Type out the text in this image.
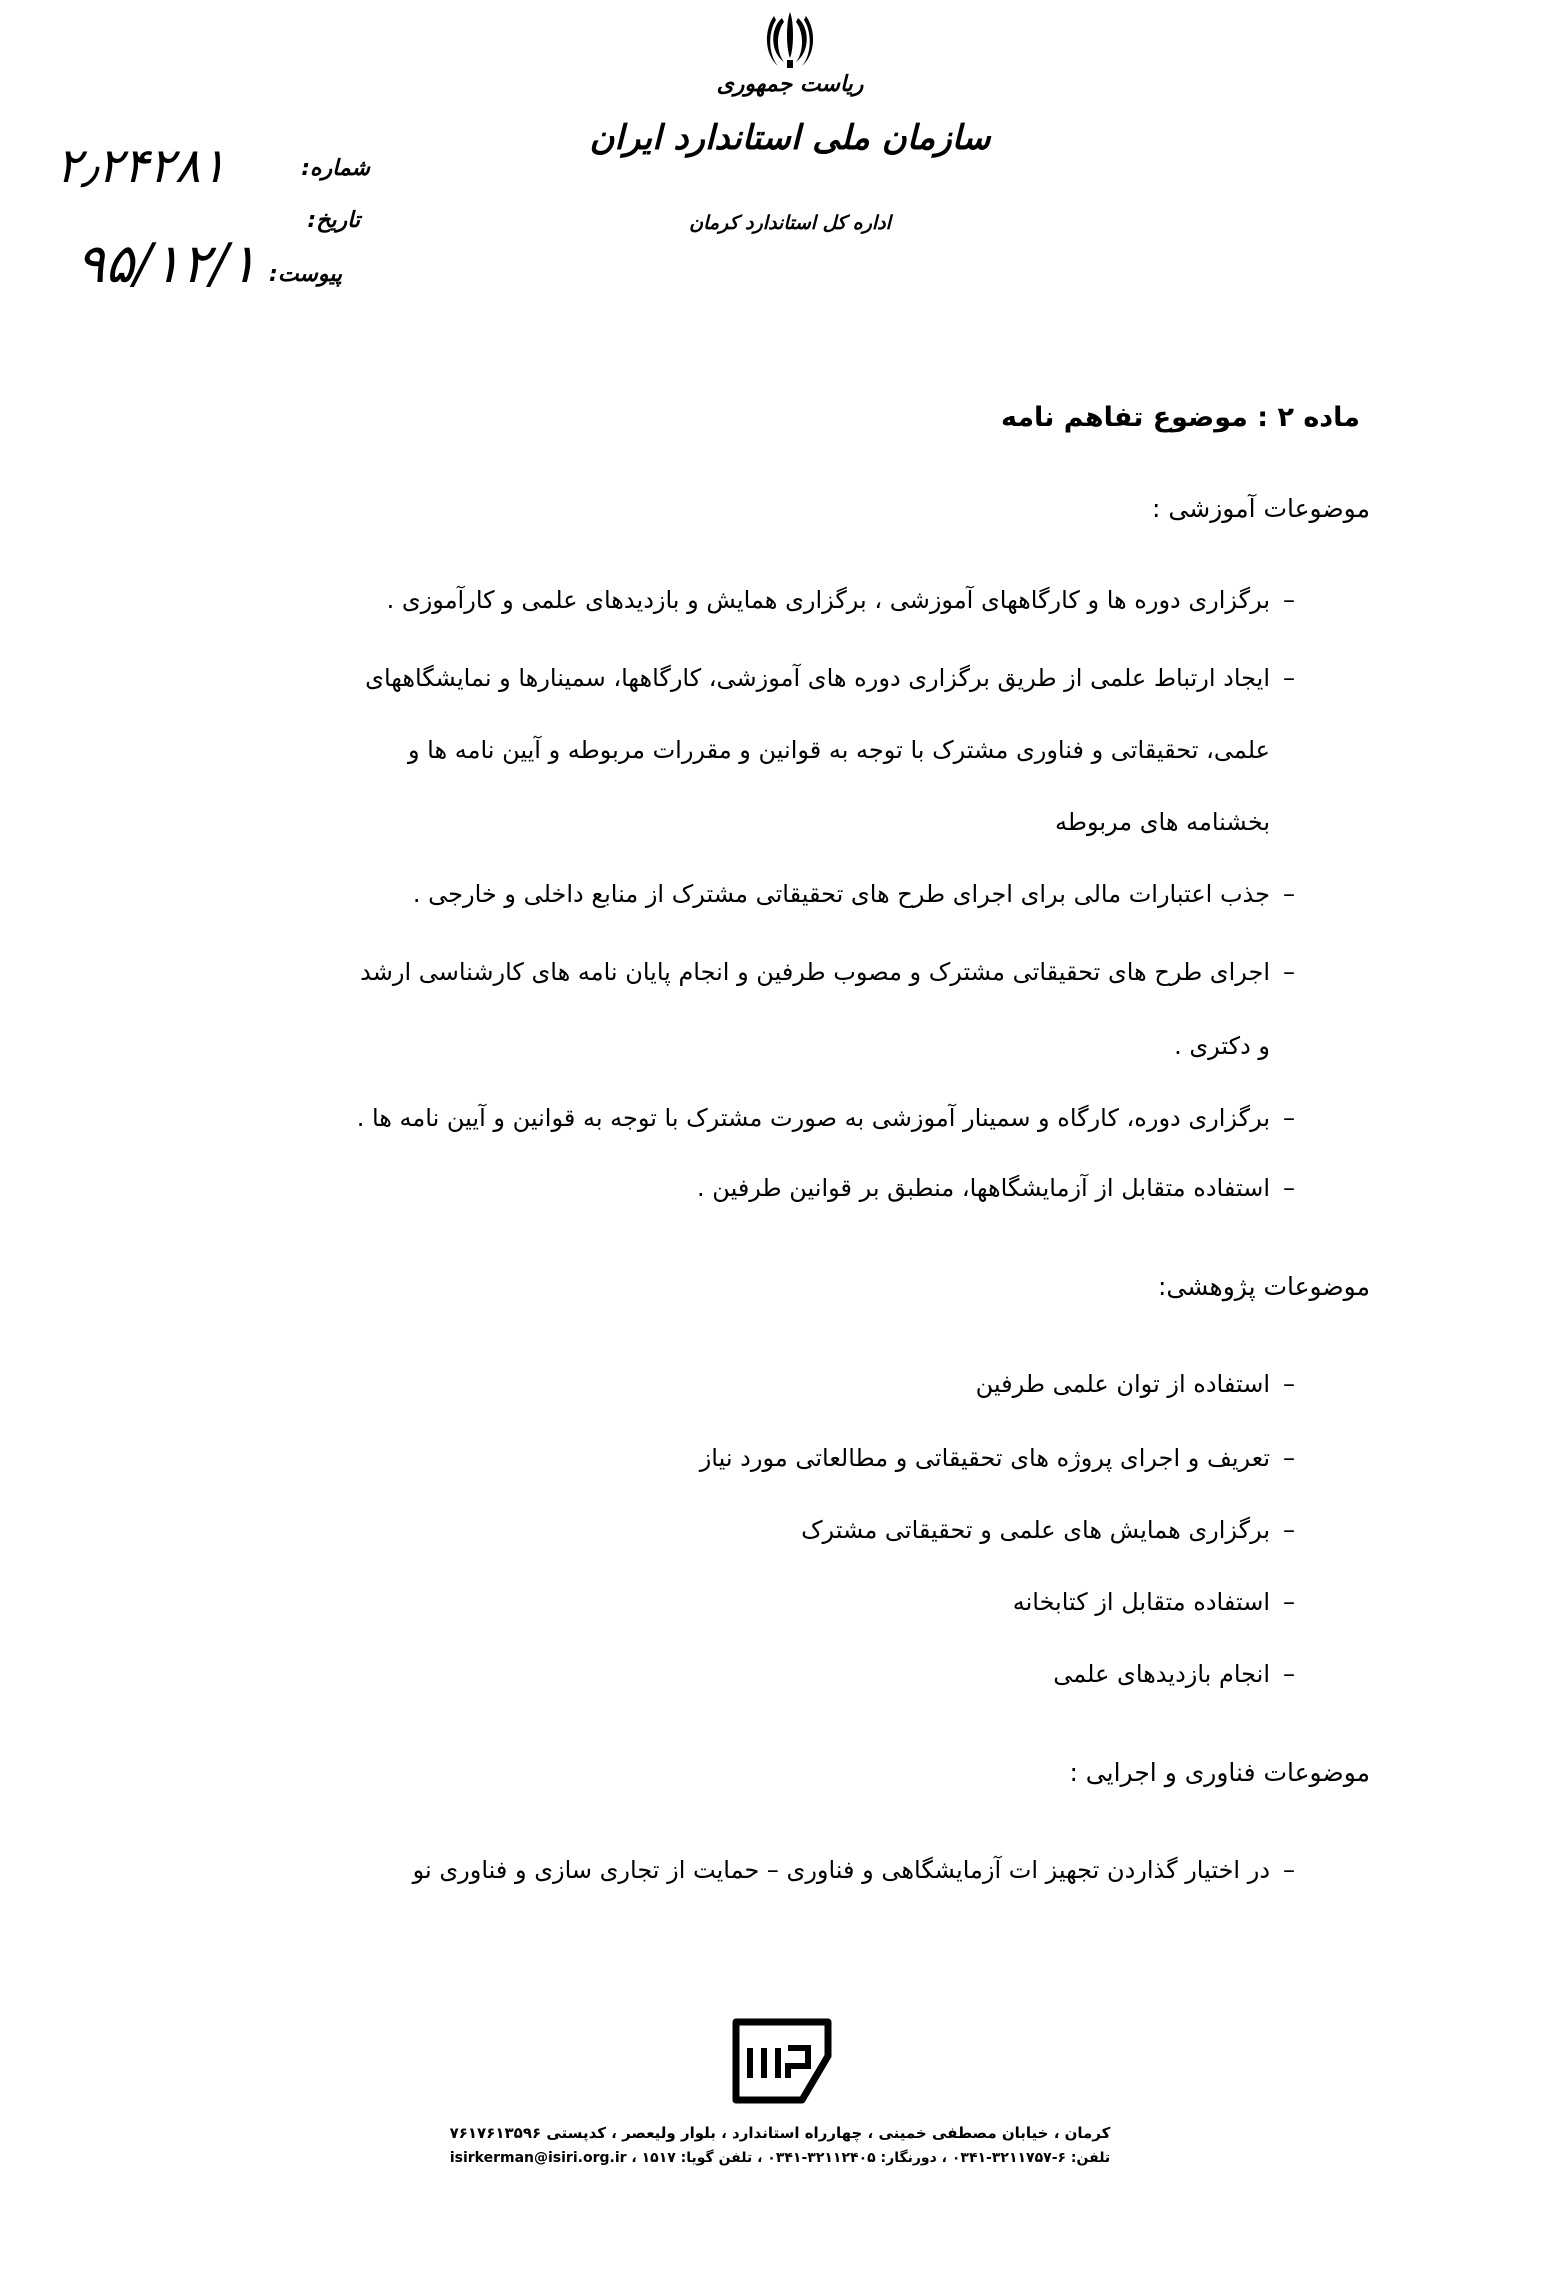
ریاست جمهوری
سازمان ملی استاندارد ایران
اداره کل استاندارد کرمان
شماره:
تاریخ:
پیوست:
۲٫۲۴۲۸۱
۹۵/۱۲/۱
ماده ۲ : موضوع تفاهم نامه
موضوعات آموزشی :
–
برگزاری دوره ها و کارگاههای آموزشی ، برگزاری همایش و بازدیدهای علمی و کارآموزی .
–
ایجاد ارتباط علمی از طریق برگزاری دوره های آموزشی، کارگاهها، سمینارها و نمایشگاههای
علمی، تحقیقاتی و فناوری مشترک با توجه به قوانین و مقررات مربوطه و آیین نامه ها و
بخشنامه های مربوطه
–
جذب اعتبارات مالی برای اجرای طرح های تحقیقاتی مشترک از منابع داخلی و خارجی .
–
اجرای طرح های تحقیقاتی مشترک و مصوب طرفین و انجام پایان نامه های کارشناسی ارشد
و دکتری .
–
برگزاری دوره، کارگاه و سمینار آموزشی به صورت مشترک با توجه به قوانین و آیین نامه ها .
–
استفاده متقابل از آزمایشگاهها، منطبق بر قوانین طرفین .
موضوعات پژوهشی:
–
استفاده از توان علمی طرفین
–
تعریف و اجرای پروژه های تحقیقاتی و مطالعاتی مورد نیاز
–
برگزاری همایش های علمی و تحقیقاتی مشترک
–
استفاده متقابل از کتابخانه
–
انجام بازدیدهای علمی
موضوعات فناوری و اجرایی :
–
در اختیار گذاردن تجهیز ات آزمایشگاهی و فناوری – حمایت از تجاری سازی و فناوری نو
کرمان ، خیابان مصطفی خمینی ، چهارراه استاندارد ، بلوار ولیعصر ، کدپستی ۷۶۱۷۶۱۳۵۹۶
تلفن: ۶-۳۲۱۱۷۵۷-۰۳۴۱ ، دورنگار: ۳۲۱۱۲۴۰۵-۰۳۴۱ ، تلفن گویا: ۱۵۱۷ ، isirkerman@isiri.org.ir
